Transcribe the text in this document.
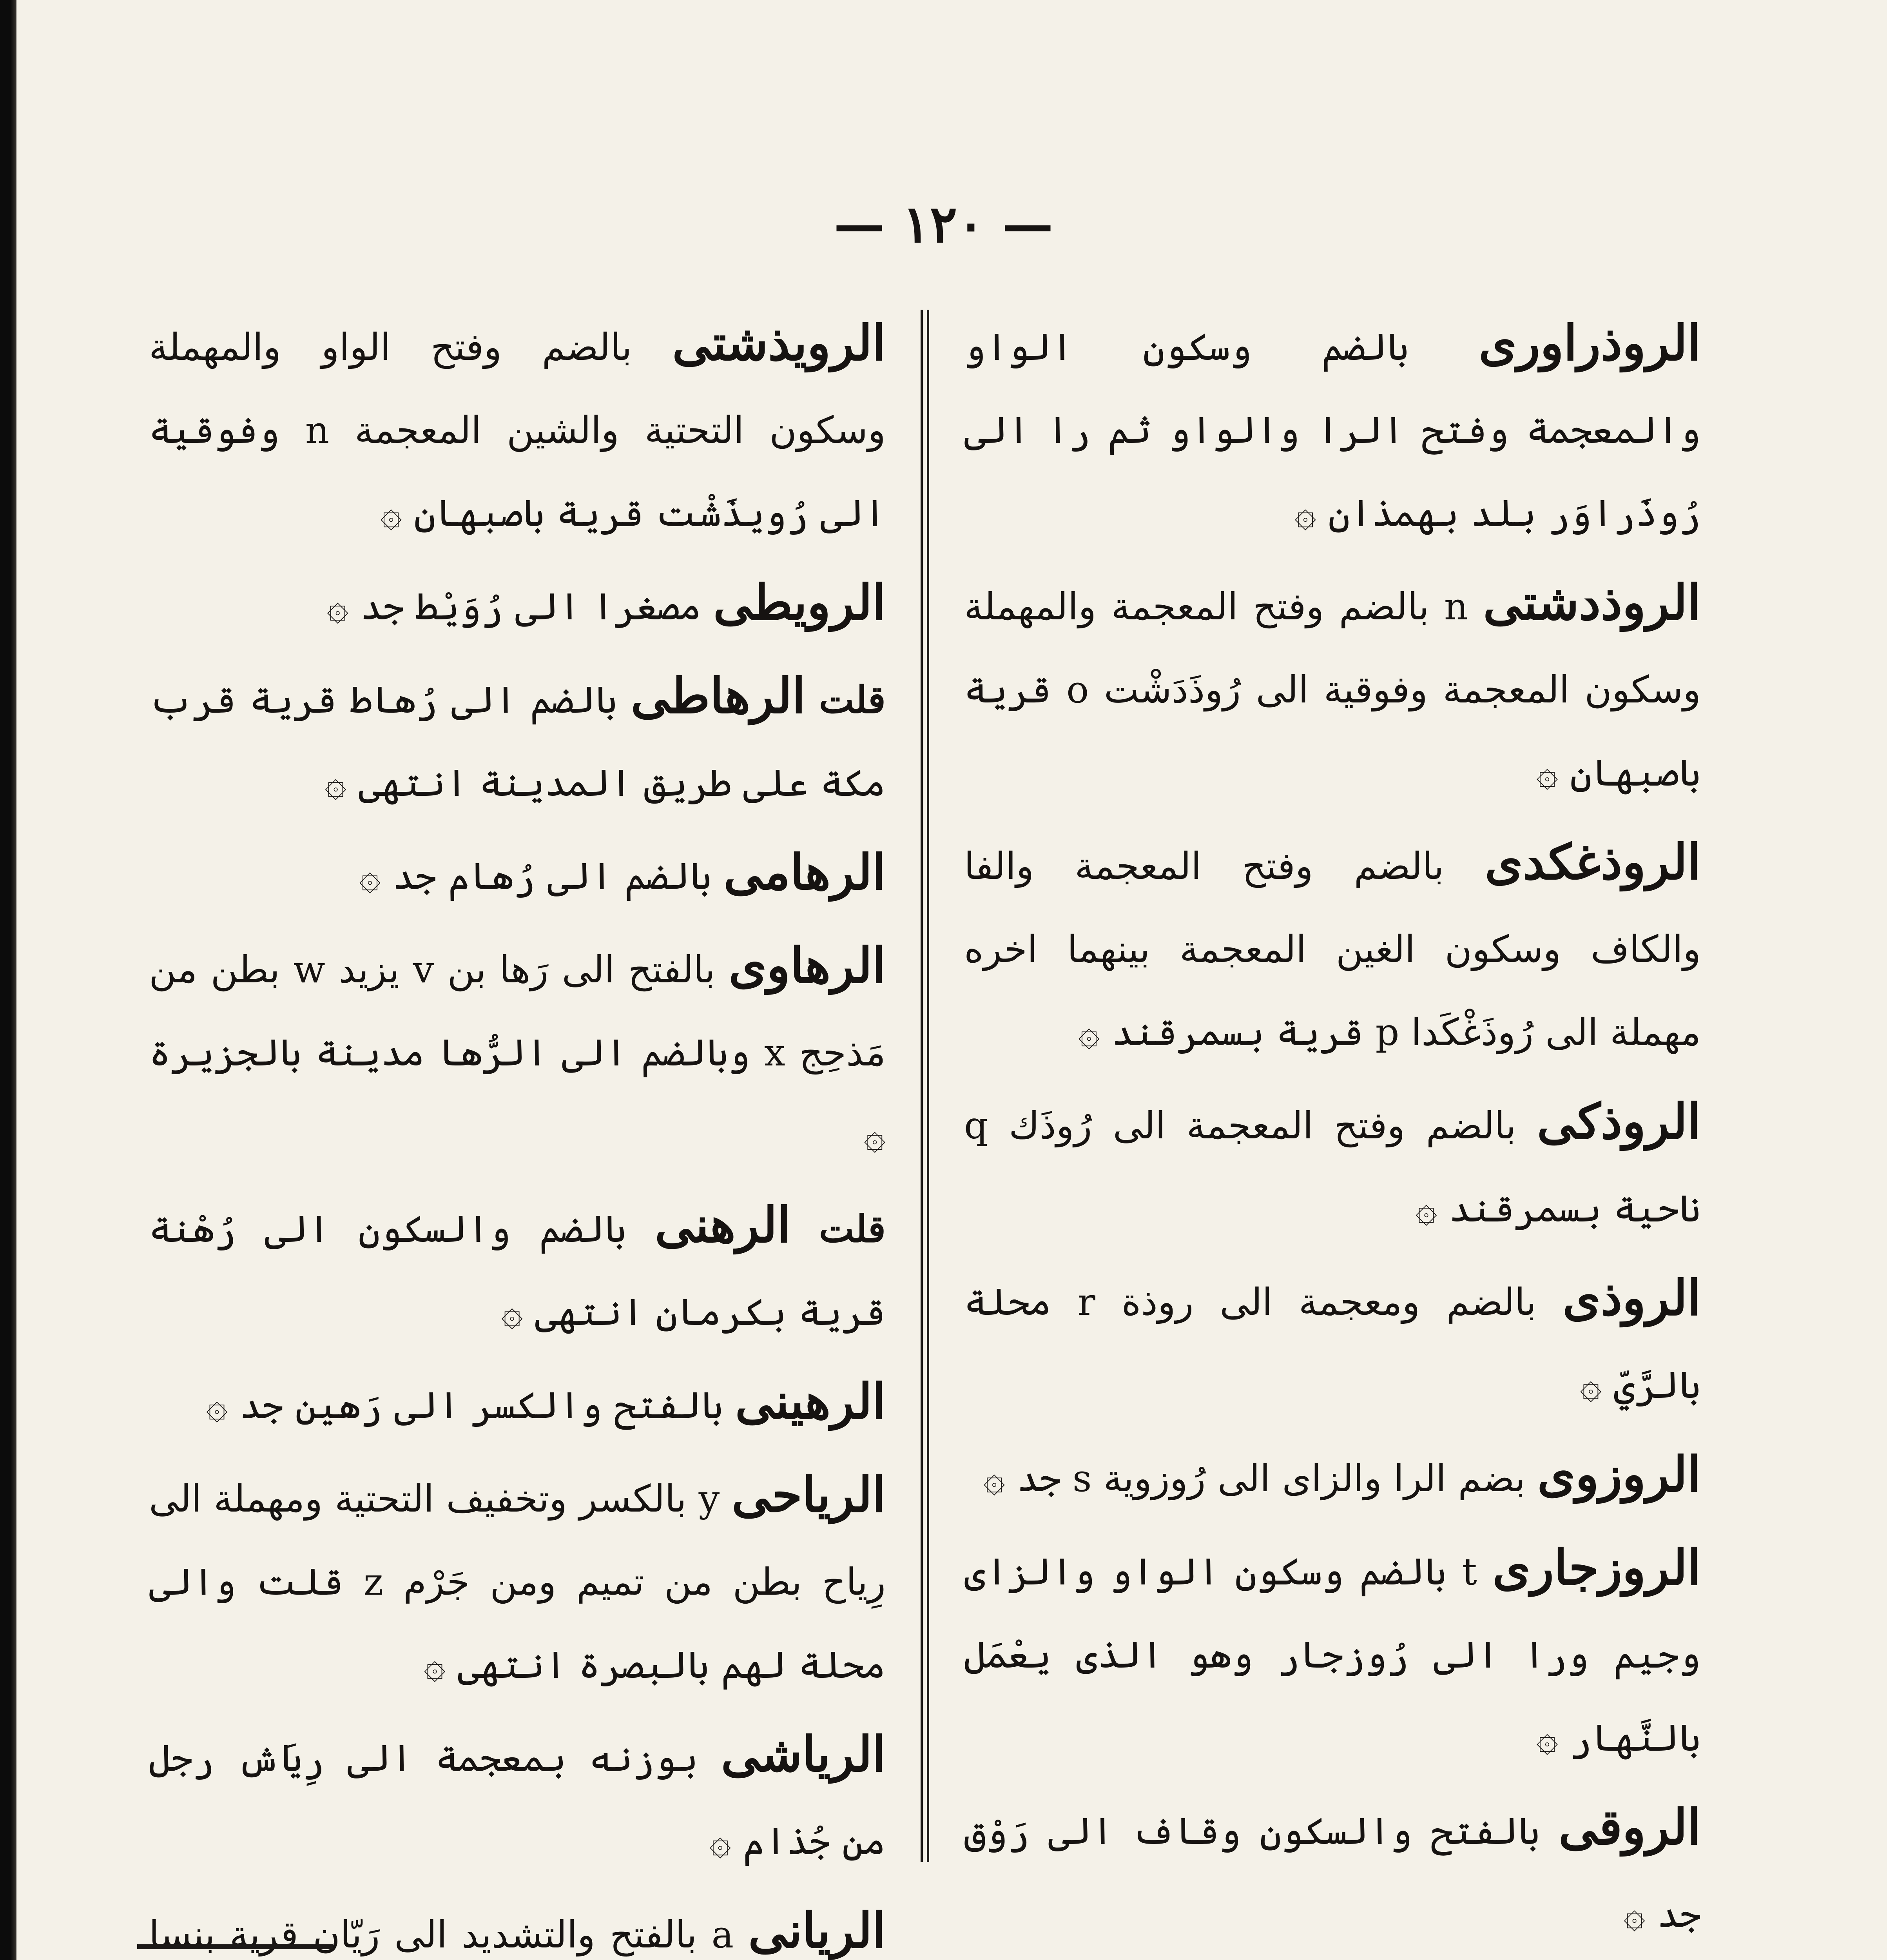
— ۱۲۰ —

الروذراوری بالضم وسكون الواو والمعجمة وفتح الرا والواو ثم را الى رُوذَراوَر بلد بهمذان ۞

الروذدشتی n بالضم وفتح المعجمة والمهملة وسكون المعجمة وفوقية الى رُوذَدَشْت o قرية باصبهان ۞

الروذغكدی بالضم وفتح المعجمة والفا والكاف وسكون الغين المعجمة بينهما اخره مهملة الى رُوذَغْكَدا p قرية بسمرقند ۞

الروذكی بالضم وفتح المعجمة الى رُوذَك q ناحية بسمرقند ۞

الروذی بالضم ومعجمة الى روذة r محلة بالرَّيّ ۞

الروزوی بضم الرا والزای الى رُوزوية s جد ۞

الروزجاری t بالضم وسكون الواو والزاى وجيم ورا الى رُوزجار وهو الذى يعْمَل بالنَّهار ۞

الروقی بالفتح والسكون وقاف الى رَوْق جد ۞

الرويذشتی بالضم وفتح الواو والمهملة وسكون التحتية والشين المعجمة n وفوقية الى رُويذَشْت قرية باصبهان ۞

الرويطی مصغرا الى رُوَيْط جد ۞

قلت الرهاطی بالضم الى رُهاط قرية قرب مكة على طريق المدينة انتهى ۞

الرهامی بالضم الى رُهام جد ۞

الرهاوی بالفتح الى رَها بن v يزيد w بطن من مَذحِج x وبالضم الى الرُّها مدينة بالجزيرة ۞

قلت الرهنی بالضم والسكون الى رُهْنة قرية بكرمان انتهى ۞

الرهينی بالفتح والكسر الى رَهين جد ۞

الرياحی y بالكسر وتخفيف التحتية ومهملة الى رِياح بطن من تميم ومن جَرْم z قلت والى محلة لهم بالبصرة انتهى ۞

الرياشی بوزنه بمعجمة الى رِيَاش رجل من جُذام ۞

الريانی a بالفتح والتشديد الى رَيّان قرية بنسا
